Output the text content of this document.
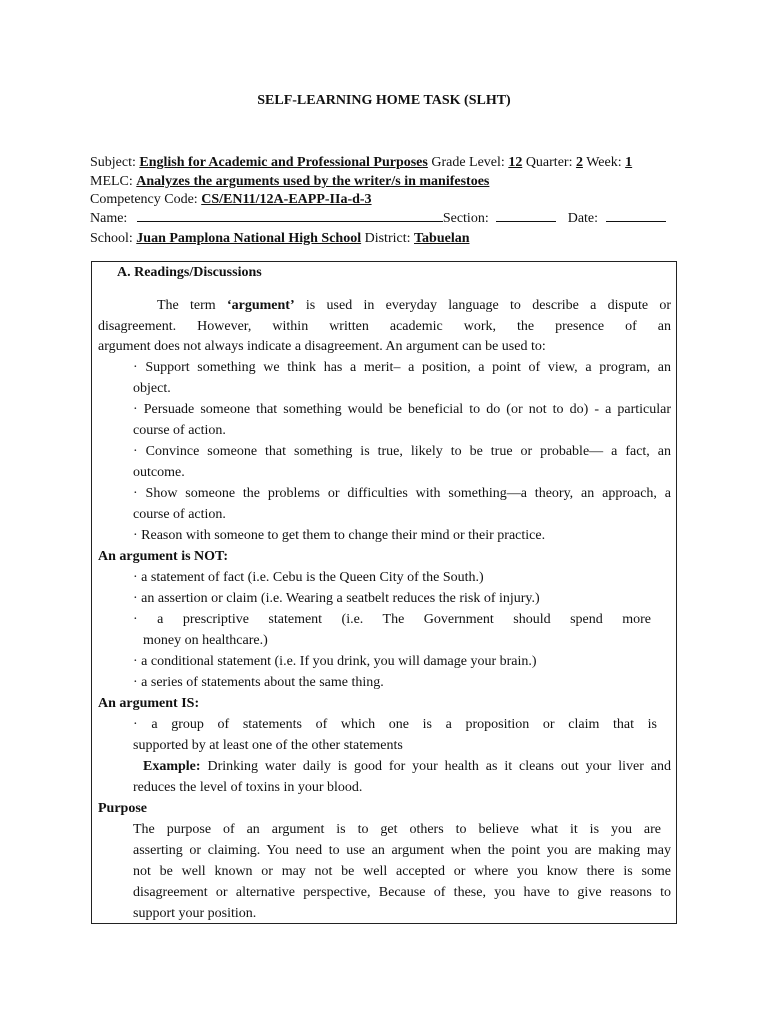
SELF-LEARNING HOME TASK (SLHT)
Subject: English for Academic and Professional Purposes Grade Level: 12 Quarter: 2 Week: 1
MELC: Analyzes the arguments used by the writer/s in manifestoes
Competency Code: CS/EN11/12A-EAPP-IIa-d-3
Name:	Section:	Date:
School: Juan Pamplona National High School District: Tabuelan
A. Readings/Discussions
The term ‘argument’ is used in everyday language to describe a dispute or
disagreement. However, within written academic work, the presence of an
argument does not always indicate a disagreement. An argument can be used to:
· Support something we think has a merit– a position, a point of view, a program, an
object.
· Persuade someone that something would be beneficial to do (or not to do) - a particular
course of action.
· Convince someone that something is true, likely to be true or probable— a fact, an
outcome.
· Show someone the problems or difficulties with something—a theory, an approach, a
course of action.
· Reason with someone to get them to change their mind or their practice.
An argument is NOT:
· a statement of fact (i.e. Cebu is the Queen City of the South.)
· an assertion or claim (i.e. Wearing a seatbelt reduces the risk of injury.)
· a prescriptive statement (i.e. The Government should spend more
money on healthcare.)
· a conditional statement (i.e. If you drink, you will damage your brain.)
· a series of statements about the same thing.
An argument IS:
· a group of statements of which one is a proposition or claim that is
supported by at least one of the other statements
Example: Drinking water daily is good for your health as it cleans out your liver and
reduces the level of toxins in your blood.
Purpose
The purpose of an argument is to get others to believe what it is you are
asserting or claiming. You need to use an argument when the point you are making may
not be well known or may not be well accepted or where you know there is some
disagreement or alternative perspective, Because of these, you have to give reasons to
support your position.
